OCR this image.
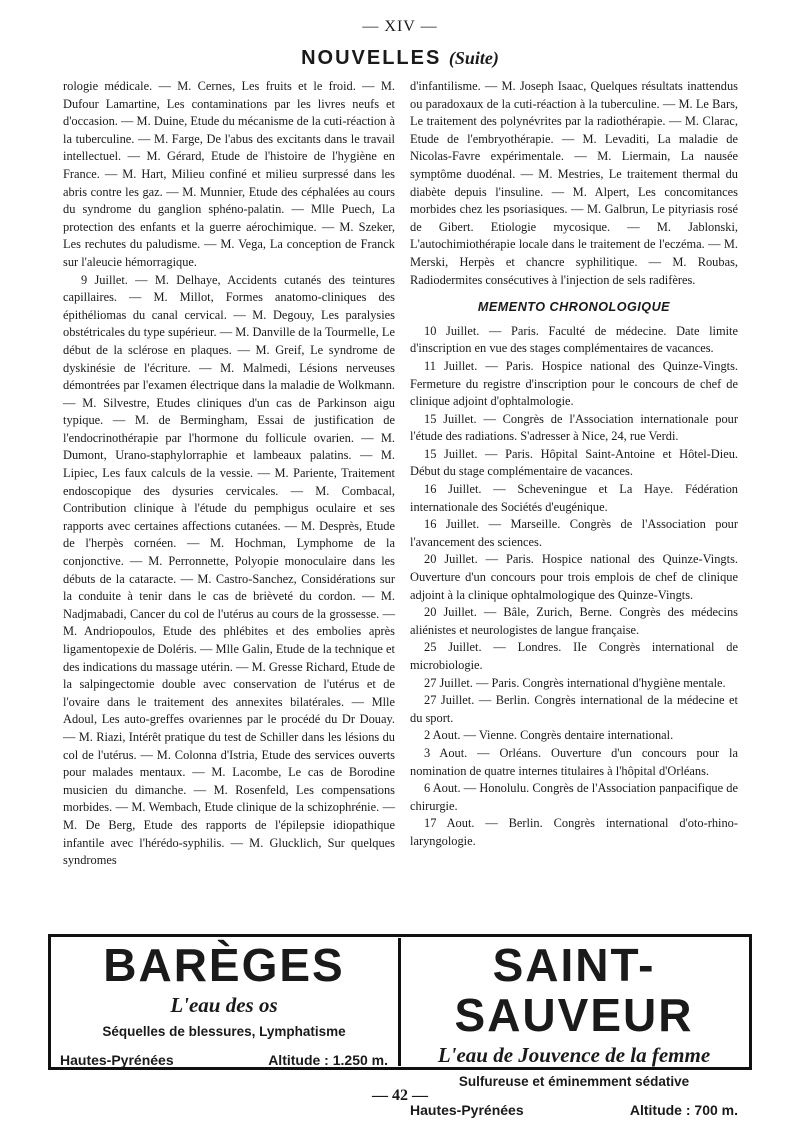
— XIV —
NOUVELLES (Suite)

rologie médicale. — M. Cernes, Les fruits et le froid. — M. Dufour Lamartine, Les contaminations par les livres neufs et d'occasion. — M. Duine, Etude du mécanisme de la cuti-réaction à la tuberculine. — M. Farge, De l'abus des excitants dans le travail intellectuel. — M. Gérard, Etude de l'histoire de l'hygiène en France. — M. Hart, Milieu confiné et milieu surpressé dans les abris contre les gaz. — M. Munnier, Etude des céphalées au cours du syndrome du ganglion sphéno-palatin. — Mlle Puech, La protection des enfants et la guerre aérochimique. — M. Szeker, Les rechutes du paludisme. — M. Vega, La conception de Franck sur l'aleucie hémorragique.

9 Juillet. — M. Delhaye, Accidents cutanés des teintures capillaires. — M. Millot, Formes anatomo-cliniques des épithéliomas du canal cervical. — M. Degouy, Les paralysies obstétricales du type supérieur. — M. Danville de la Tourmelle, Le début de la sclérose en plaques. — M. Greif, Le syndrome de dyskinésie de l'écriture. — M. Malmedi, Lésions nerveuses démontrées par l'examen électrique dans la maladie de Wolkmann. — M. Silvestre, Etudes cliniques d'un cas de Parkinson aigu typique. — M. de Bermingham, Essai de justification de l'endocrinothérapie par l'hormone du follicule ovarien. — M. Dumont, Urano-staphylorraphie et lambeaux palatins. — M. Lipiec, Les faux calculs de la vessie. — M. Pariente, Traitement endoscopique des dysuries cervicales. — M. Combacal, Contribution clinique à l'étude du pemphigus oculaire et ses rapports avec certaines affections cutanées. — M. Desprès, Etude de l'herpès cornéen. — M. Hochman, Lymphome de la conjonctive. — M. Perronnette, Polyopie monoculaire dans les débuts de la cataracte. — M. Castro-Sanchez, Considérations sur la conduite à tenir dans le cas de brièveté du cordon. — M. Nadjmabadi, Cancer du col de l'utérus au cours de la grossesse. — M. Andriopoulos, Etude des phlébites et des embolies après ligamentopexie de Doléris. — Mlle Galin, Etude de la technique et des indications du massage utérin. — M. Gresse Richard, Etude de la salpingectomie double avec conservation de l'utérus et de l'ovaire dans le traitement des annexites bilatérales. — Mlle Adoul, Les auto-greffes ovariennes par le procédé du Dr Douay. — M. Riazi, Intérêt pratique du test de Schiller dans les lésions du col de l'utérus. — M. Colonna d'Istria, Etude des services ouverts pour malades mentaux. — M. Lacombe, Le cas de Borodine musicien du dimanche. — M. Rosenfeld, Les compensations morbides. — M. Wembach, Etude clinique de la schizophrénie. — M. De Berg, Etude des rapports de l'épilepsie idiopathique infantile avec l'hérédo-syphilis. — M. Glucklich, Sur quelques syndromes

d'infantilisme. — M. Joseph Isaac, Quelques résultats inattendus ou paradoxaux de la cuti-réaction à la tuberculine. — M. Le Bars, Le traitement des polynévrites par la radiothérapie. — M. Clarac, Etude de l'embryothérapie. — M. Levaditi, La maladie de Nicolas-Favre expérimentale. — M. Liermain, La nausée symptôme duodénal. — M. Mestries, Le traitement thermal du diabète depuis l'insuline. — M. Alpert, Les concomitances morbides chez les psoriasiques. — M. Galbrun, Le pityriasis rosé de Gibert. Etiologie mycosique. — M. Jablonski, L'autochimiothérapie locale dans le traitement de l'eczéma. — M. Merski, Herpès et chancre syphilitique. — M. Roubas, Radiodermites consécutives à l'injection de sels radifères.

MEMENTO CHRONOLOGIQUE

10 Juillet. — Paris. Faculté de médecine. Date limite d'inscription en vue des stages complémentaires de vacances.

11 Juillet. — Paris. Hospice national des Quinze-Vingts. Fermeture du registre d'inscription pour le concours de chef de clinique adjoint d'ophtalmologie.

15 Juillet. — Congrès de l'Association internationale pour l'étude des radiations. S'adresser à Nice, 24, rue Verdi.

15 Juillet. — Paris. Hôpital Saint-Antoine et Hôtel-Dieu. Début du stage complémentaire de vacances.

16 Juillet. — Scheveningue et La Haye. Fédération internationale des Sociétés d'eugénique.

16 Juillet. — Marseille. Congrès de l'Association pour l'avancement des sciences.

20 Juillet. — Paris. Hospice national des Quinze-Vingts. Ouverture d'un concours pour trois emplois de chef de clinique adjoint à la clinique ophtalmologique des Quinze-Vingts.

20 Juillet. — Bâle, Zurich, Berne. Congrès des médecins aliénistes et neurologistes de langue française.

25 Juillet. — Londres. IIe Congrès international de microbiologie.

27 Juillet. — Paris. Congrès international d'hygiène mentale.

27 Juillet. — Berlin. Congrès international de la médecine et du sport.

2 Aout. — Vienne. Congrès dentaire international.

3 Aout. — Orléans. Ouverture d'un concours pour la nomination de quatre internes titulaires à l'hôpital d'Orléans.

6 Aout. — Honolulu. Congrès de l'Association panpacifique de chirurgie.

17 Aout. — Berlin. Congrès international d'oto-rhino-laryngologie.

BARÈGES
L'eau des os
Séquelles de blessures, Lymphatisme
Hautes-Pyrénées	Altitude : 1.250 m.
SAINT-SAUVEUR
L'eau de Jouvence de la femme
Sulfureuse et éminemment sédative
Hautes-Pyrénées	Altitude : 700 m.
— 42 —
